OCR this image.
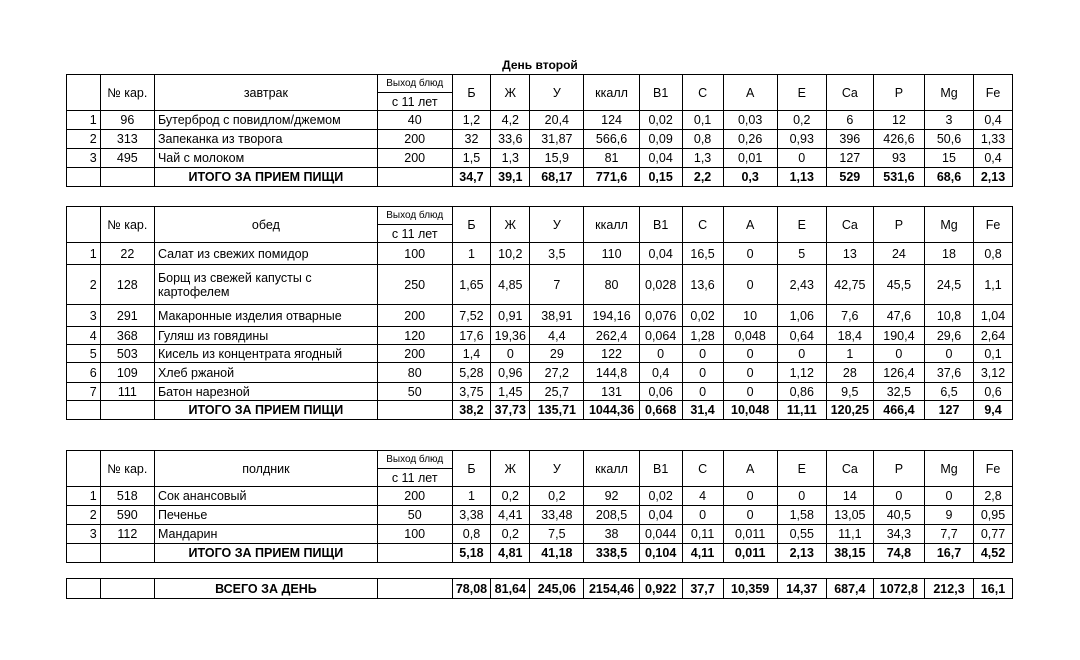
День второй
	№ кар.	завтрак	Выход блюд	Б	Ж	У	ккалл	B1	C	A	E	Ca	P	Mg	Fe
			с 11 лет												
1	96	Бутерброд с повидлом/джемом	40	1,2	4,2	20,4	124	0,02	0,1	0,03	0,2	6	12	3	0,4
2	313	Запеканка из творога	200	32	33,6	31,87	566,6	0,09	0,8	0,26	0,93	396	426,6	50,6	1,33
3	495	Чай с молоком	200	1,5	1,3	15,9	81	0,04	1,3	0,01	0	127	93	15	0,4
		ИТОГО ЗА ПРИЕМ ПИЩИ		34,7	39,1	68,17	771,6	0,15	2,2	0,3	1,13	529	531,6	68,6	2,13
	№ кар.	обед	Выход блюд	Б	Ж	У	ккалл	B1	C	A	E	Ca	P	Mg	Fe
			с 11 лет												
1	22	Салат из свежих помидор	100	1	10,2	3,5	110	0,04	16,5	0	5	13	24	18	0,8
2	128	Борщ из свежей капусты с картофелем	250	1,65	4,85	7	80	0,028	13,6	0	2,43	42,75	45,5	24,5	1,1
3	291	Макаронные изделия отварные	200	7,52	0,91	38,91	194,16	0,076	0,02	10	1,06	7,6	47,6	10,8	1,04
4	368	Гуляш из говядины	120	17,6	19,36	4,4	262,4	0,064	1,28	0,048	0,64	18,4	190,4	29,6	2,64
5	503	Кисель из концентрата ягодный	200	1,4	0	29	122	0	0	0	0	1	0	0	0,1
6	109	Хлеб ржаной	80	5,28	0,96	27,2	144,8	0,4	0	0	1,12	28	126,4	37,6	3,12
7	111	Батон нарезной	50	3,75	1,45	25,7	131	0,06	0	0	0,86	9,5	32,5	6,5	0,6
		ИТОГО ЗА ПРИЕМ ПИЩИ		38,2	37,73	135,71	1044,36	0,668	31,4	10,048	11,11	120,25	466,4	127	9,4
	№ кар.	полдник	Выход блюд	Б	Ж	У	ккалл	B1	C	A	E	Ca	P	Mg	Fe
			с 11 лет												
1	518	Сок анансовый	200	1	0,2	0,2	92	0,02	4	0	0	14	0	0	2,8
2	590	Печенье	50	3,38	4,41	33,48	208,5	0,04	0	0	1,58	13,05	40,5	9	0,95
3	112	Мандарин	100	0,8	0,2	7,5	38	0,044	0,11	0,011	0,55	11,1	34,3	7,7	0,77
		ИТОГО ЗА ПРИЕМ ПИЩИ		5,18	4,81	41,18	338,5	0,104	4,11	0,011	2,13	38,15	74,8	16,7	4,52
		ВСЕГО ЗА ДЕНЬ		78,08	81,64	245,06	2154,46	0,922	37,7	10,359	14,37	687,4	1072,8	212,3	16,1
